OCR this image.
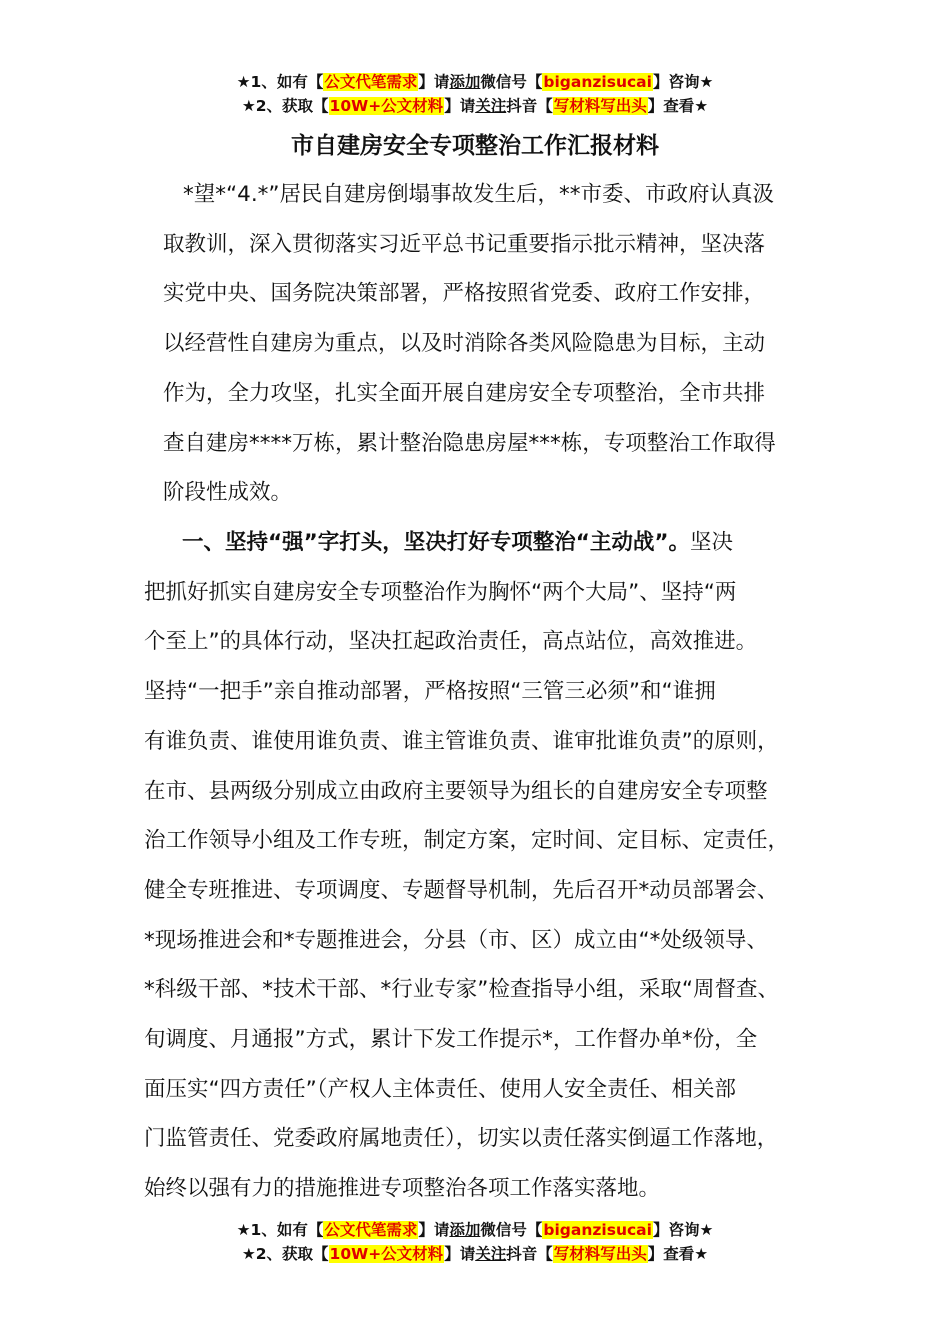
★1、如有【公文代笔需求】请添加微信号【biganzisucai】咨询★
★2、获取【10W+公文材料】请关注抖音【写材料写出头】查看★
市自建房安全专项整治工作汇报材料
*望*“4.*”居民自建房倒塌事故发生后，**市委、市政府认真汲
取教训，深入贯彻落实习近平总书记重要指示批示精神，坚决落
实党中央、国务院决策部署，严格按照省党委、政府工作安排，
以经营性自建房为重点，以及时消除各类风险隐患为目标，主动
作为，全力攻坚，扎实全面开展自建房安全专项整治，全市共排
查自建房****万栋，累计整治隐患房屋***栋，专项整治工作取得
阶段性成效。
一、坚持“强”字打头，坚决打好专项整治“主动战”。坚决
把抓好抓实自建房安全专项整治作为胸怀“两个大局”、坚持“两
个至上”的具体行动，坚决扛起政治责任，高点站位，高效推进。
坚持“一把手”亲自推动部署，严格按照“三管三必须”和“谁拥
有谁负责、谁使用谁负责、谁主管谁负责、谁审批谁负责”的原则，
在市、县两级分别成立由政府主要领导为组长的自建房安全专项整
治工作领导小组及工作专班，制定方案，定时间、定目标、定责任，
健全专班推进、专项调度、专题督导机制，先后召开*动员部署会、
*现场推进会和*专题推进会，分县（市、区）成立由“*处级领导、
*科级干部、*技术干部、*行业专家”检查指导小组，采取“周督查、
旬调度、月通报”方式，累计下发工作提示*，工作督办单*份，全
面压实“四方责任”（产权人主体责任、使用人安全责任、相关部
门监管责任、党委政府属地责任），切实以责任落实倒逼工作落地，
始终以强有力的措施推进专项整治各项工作落实落地。
★1、如有【公文代笔需求】请添加微信号【biganzisucai】咨询★
★2、获取【10W+公文材料】请关注抖音【写材料写出头】查看★
